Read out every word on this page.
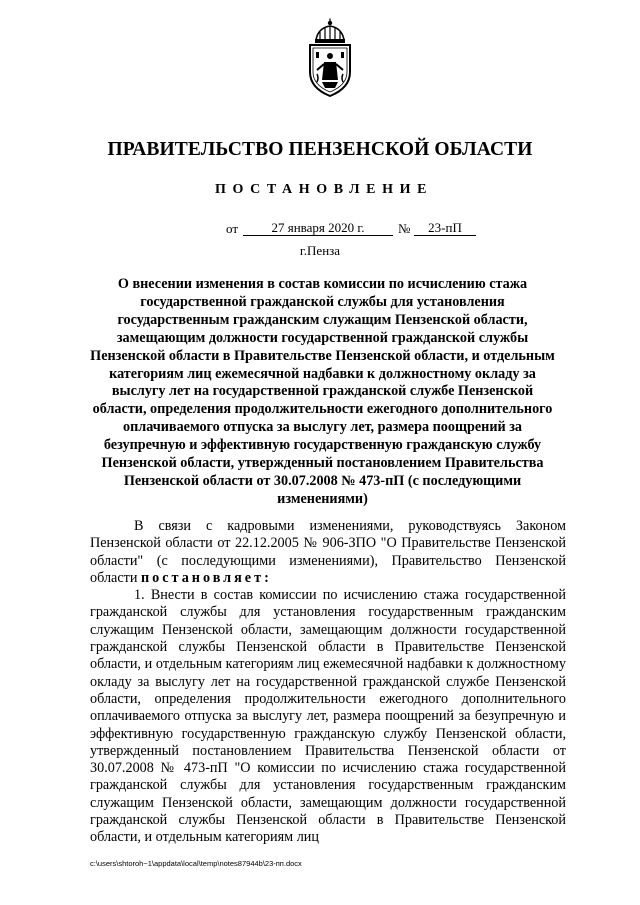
ПРАВИТЕЛЬСТВО ПЕНЗЕНСКОЙ ОБЛАСТИ
ПОСТАНОВЛЕНИЕ
от	27 января 2020 г.	№	23-пП
г.Пенза
О внесении изменения в состав комиссии по исчислению стажа государственной гражданской службы для установления государственным гражданским служащим Пензенской области, замещающим должности государственной гражданской службы Пензенской области в Правительстве Пензенской области, и отдельным категориям лиц ежемесячной надбавки к должностному окладу за выслугу лет на государственной гражданской службе Пензенской области, определения продолжительности ежегодного дополнительного оплачиваемого отпуска за выслугу лет, размера поощрений за безупречную и эффективную государственную гражданскую службу Пензенской области, утвержденный постановлением Правительства Пензенской области от 30.07.2008 № 473-пП (с последующими изменениями)

В связи с кадровыми изменениями, руководствуясь Законом Пензенской области от 22.12.2005 № 906-ЗПО "О Правительстве Пензенской области" (с последующими изменениями), Правительство Пензенской области постановляет:

1. Внести в состав комиссии по исчислению стажа государственной гражданской службы для установления государственным гражданским служащим Пензенской области, замещающим должности государственной гражданской службы Пензенской области в Правительстве Пензенской области, и отдельным категориям лиц ежемесячной надбавки к должностному окладу за выслугу лет на государственной гражданской службе Пензенской области, определения продолжительности ежегодного дополнительного оплачиваемого отпуска за выслугу лет, размера поощрений за безупречную и эффективную государственную гражданскую службу Пензенской области, утвержденный постановлением Правительства Пензенской области от 30.07.2008 № 473-пП "О комиссии по исчислению стажа государственной гражданской службы для установления государственным гражданским служащим Пензенской области, замещающим должности государственной гражданской службы Пензенской области в Правительстве Пензенской области, и отдельным категориям лиц

c:\users\shtoroh~1\appdata\local\temp\notes87944b\23-пп.docx
